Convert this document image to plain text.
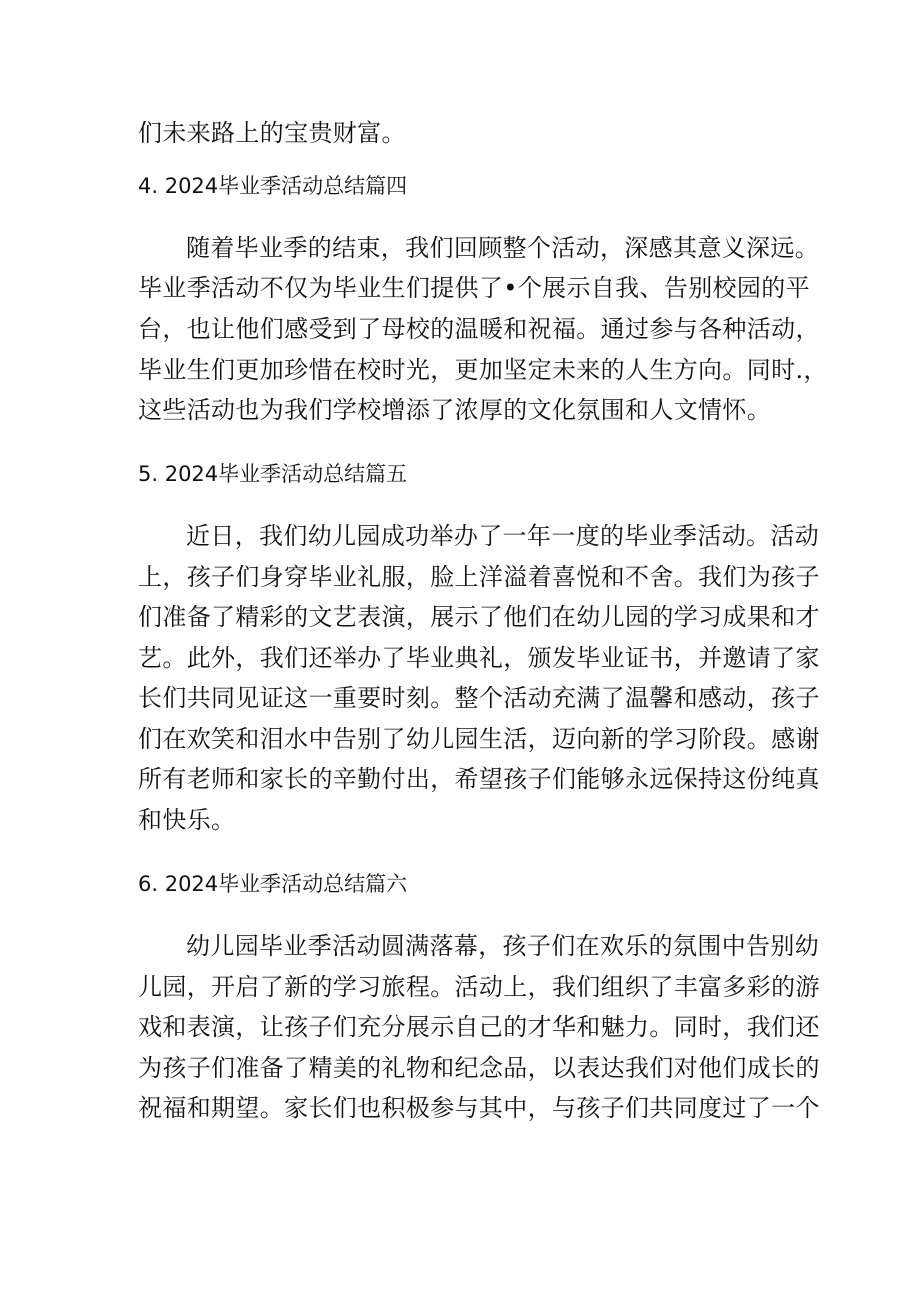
们未来路上的宝贵财富。
4. 2024毕业季活动总结篇四
随着毕业季的结束，我们回顾整个活动，深感其意义深远。
毕业季活动不仅为毕业生们提供了•个展示自我、告别校园的平
台，也让他们感受到了母校的温暖和祝福。通过参与各种活动，
毕业生们更加珍惜在校时光，更加坚定未来的人生方向。同时.，
这些活动也为我们学校增添了浓厚的文化氛围和人文情怀。
5. 2024毕业季活动总结篇五
近日，我们幼儿园成功举办了一年一度的毕业季活动。活动
上，孩子们身穿毕业礼服，脸上洋溢着喜悦和不舍。我们为孩子
们准备了精彩的文艺表演，展示了他们在幼儿园的学习成果和才
艺。此外，我们还举办了毕业典礼，颁发毕业证书，并邀请了家
长们共同见证这一重要时刻。整个活动充满了温馨和感动，孩子
们在欢笑和泪水中告别了幼儿园生活，迈向新的学习阶段。感谢
所有老师和家长的辛勤付出，希望孩子们能够永远保持这份纯真
和快乐。
6. 2024毕业季活动总结篇六
幼儿园毕业季活动圆满落幕，孩子们在欢乐的氛围中告别幼
儿园，开启了新的学习旅程。活动上，我们组织了丰富多彩的游
戏和表演，让孩子们充分展示自己的才华和魅力。同时，我们还
为孩子们准备了精美的礼物和纪念品，以表达我们对他们成长的
祝福和期望。家长们也积极参与其中，与孩子们共同度过了一个
